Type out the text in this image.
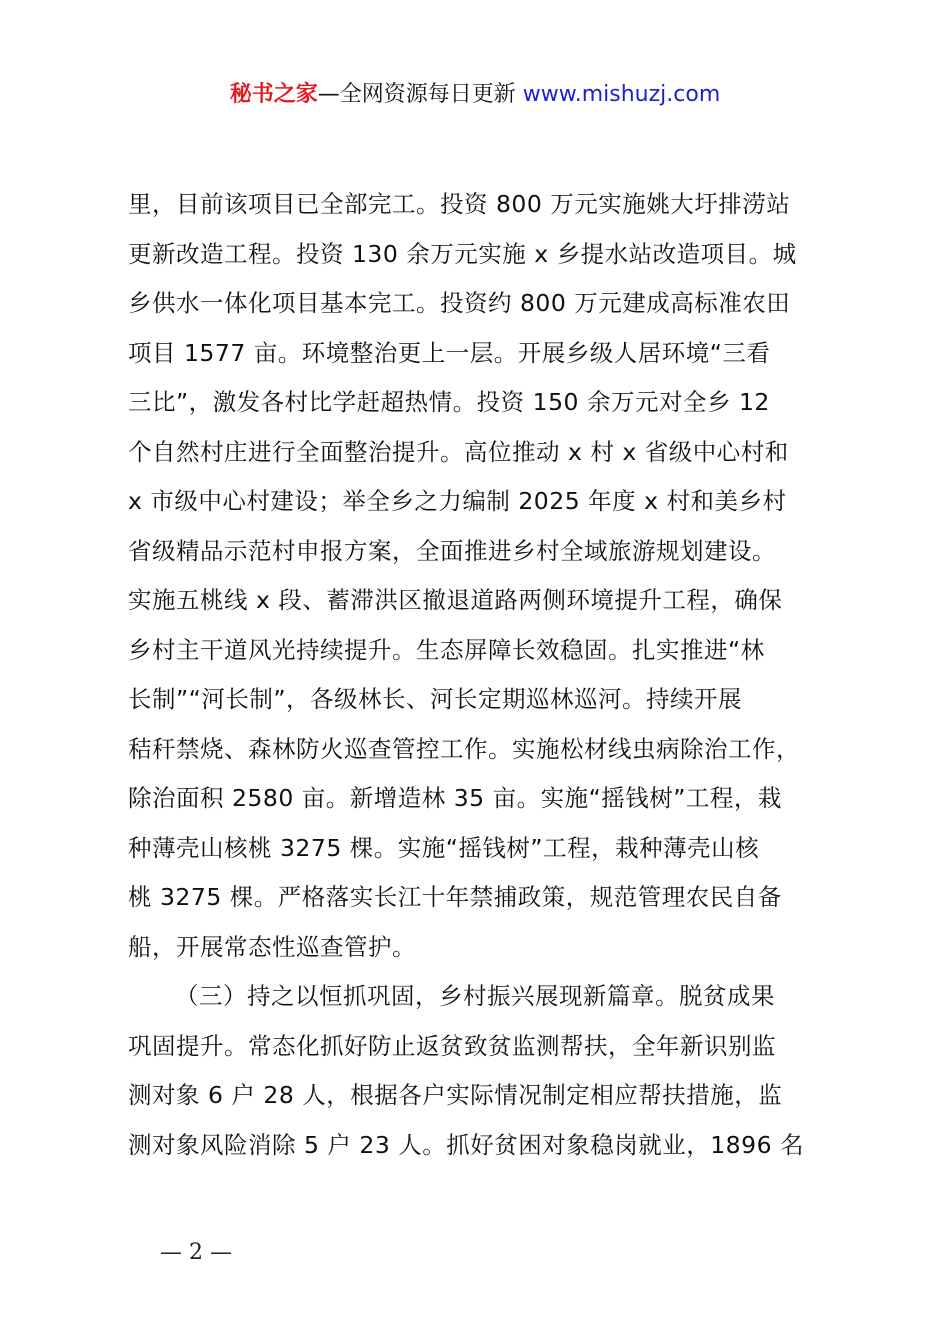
秘书之家—全网资源每日更新 www.mishuzj.com
里，目前该项目已全部完工。投资 800 万元实施姚大圩排涝站
更新改造工程。投资 130 余万元实施 x 乡提水站改造项目。城
乡供水一体化项目基本完工。投资约 800 万元建成高标准农田
项目 1577 亩。环境整治更上一层。开展乡级人居环境“三看
三比”，激发各村比学赶超热情。投资 150 余万元对全乡 12
个自然村庄进行全面整治提升。高位推动 x 村 x 省级中心村和
x 市级中心村建设；举全乡之力编制 2025 年度 x 村和美乡村
省级精品示范村申报方案，全面推进乡村全域旅游规划建设。
实施五桃线 x 段、蓄滞洪区撤退道路两侧环境提升工程，确保
乡村主干道风光持续提升。生态屏障长效稳固。扎实推进“林
长制”“河长制”，各级林长、河长定期巡林巡河。持续开展
秸秆禁烧、森林防火巡查管控工作。实施松材线虫病除治工作，
除治面积 2580 亩。新增造林 35 亩。实施“摇钱树”工程，栽
种薄壳山核桃 3275 棵。实施“摇钱树”工程，栽种薄壳山核
桃 3275 棵。严格落实长江十年禁捕政策，规范管理农民自备
船，开展常态性巡查管护。
（三）持之以恒抓巩固，乡村振兴展现新篇章。脱贫成果
巩固提升。常态化抓好防止返贫致贫监测帮扶，全年新识别监
测对象 6 户 28 人，根据各户实际情况制定相应帮扶措施，监
测对象风险消除 5 户 23 人。抓好贫困对象稳岗就业，1896 名
— 2 —
